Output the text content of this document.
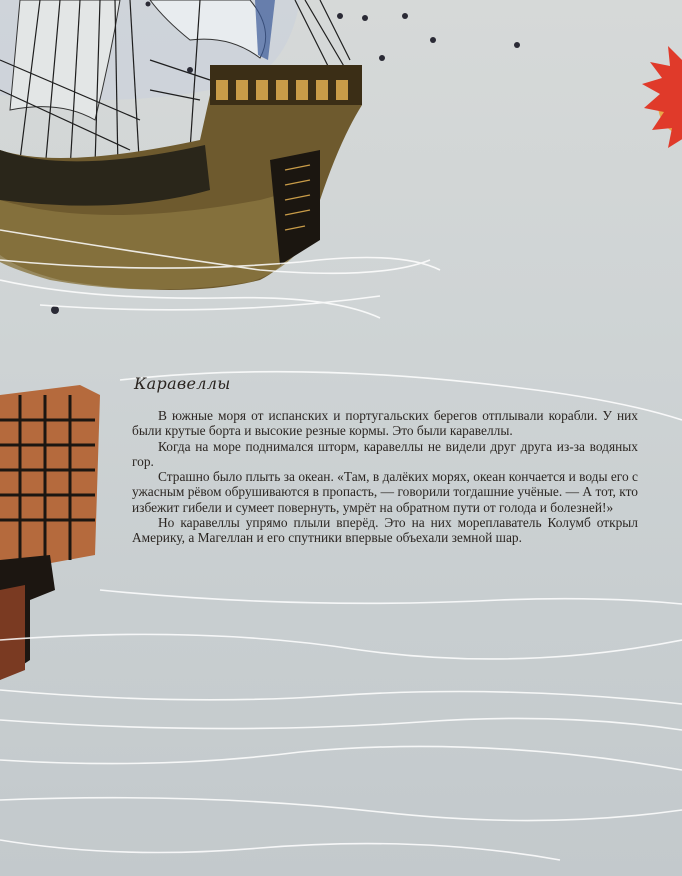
Каравеллы

В южные моря от испанских и португальских берегов отплывали корабли. У них были крутые борта и высокие резные кормы. Это были каравеллы.

Когда на море поднимался шторм, каравеллы не видели друг друга из-за водяных гор.

Страшно было плыть за океан. «Там, в далёких морях, океан кончается и воды его с ужасным рёвом обрушиваются в пропасть, — говорили тогдашние учёные. — А тот, кто избежит гибели и сумеет повернуть, умрёт на обратном пути от голода и болезней!»

Но каравеллы упрямо плыли вперёд. Это на них мореплаватель Колумб открыл Америку, а Магеллан и его спутники впервые объехали земной шар.
